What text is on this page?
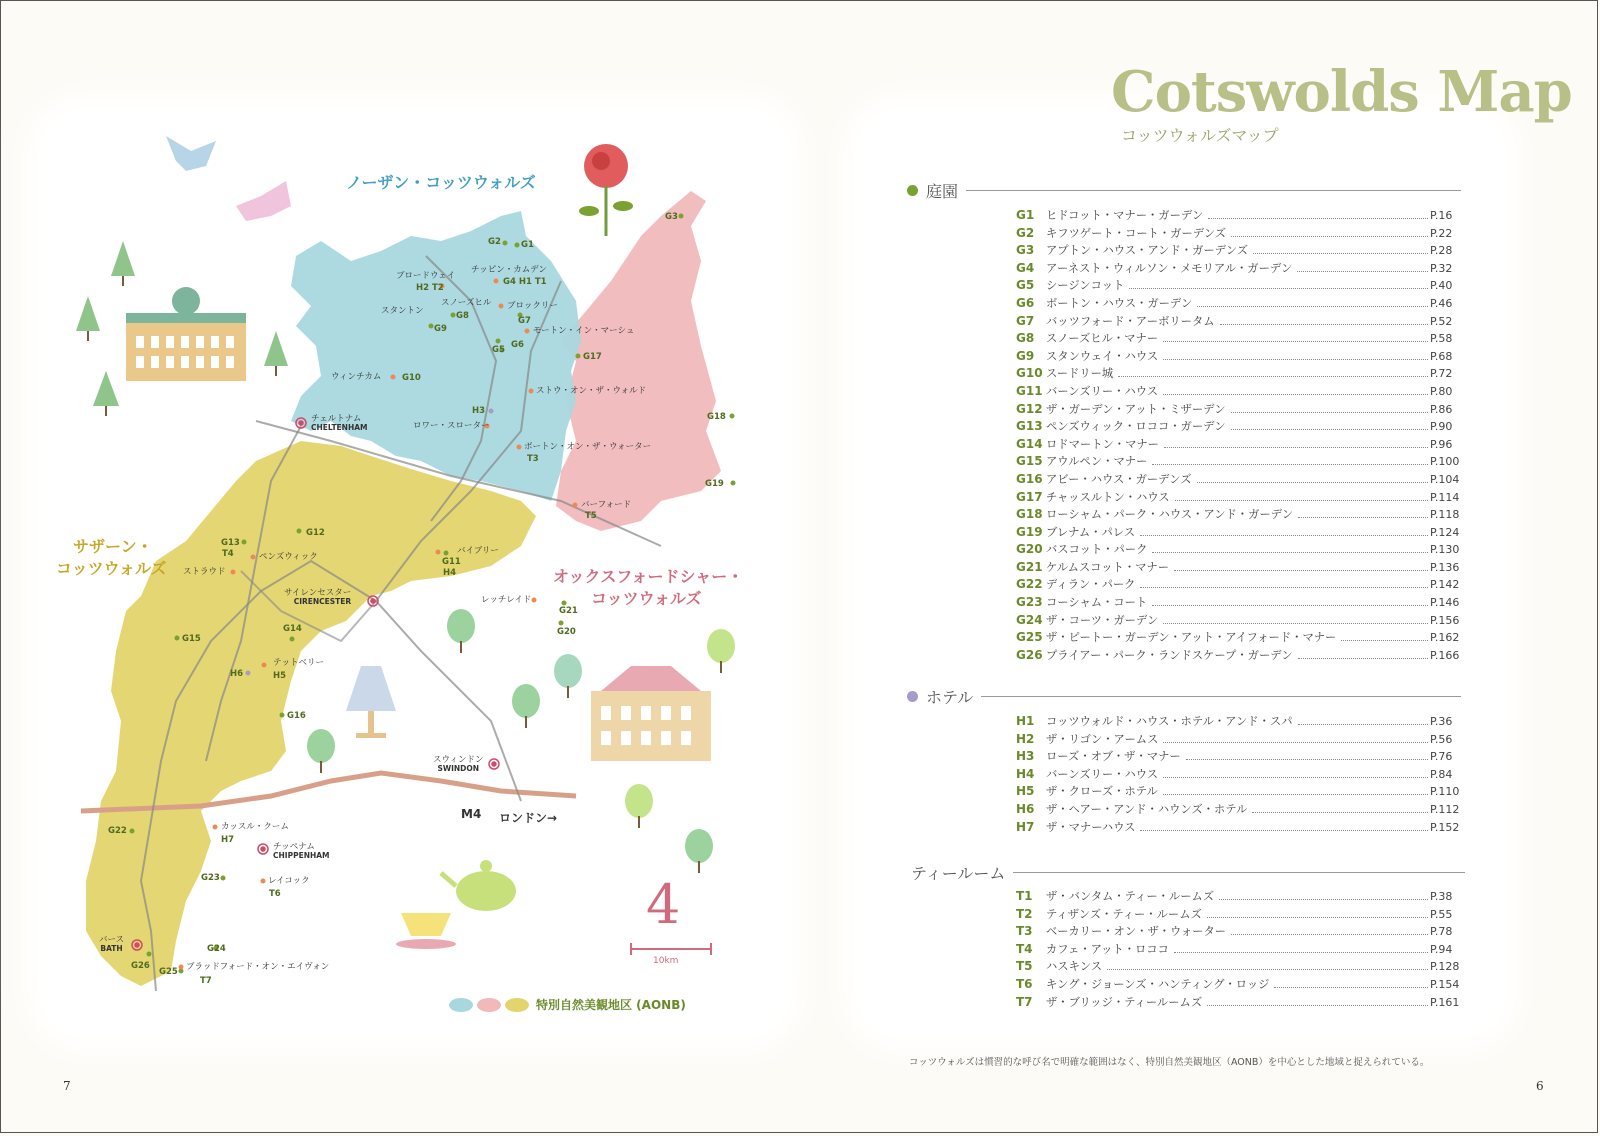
ノーザン・コッツウォルズ
サザーン・
コッツウォルズ	オックスフォードシャー・
コッツウォルズ
チェルトナム
CHELTENHAM
サイレンセスター
CIRENCESTER
スウィンドン
SWINDON
チッペナム
CHIPPENHAM
バース
BATH
ブロードウェイ
チッピン・カムデン
スノーズヒル ブロックリー
スタントン
モートン・イン・マーシュ
ウィンチカム
ストウ・オン・ザ・ウォルド
ロワー・スローター
ボートン・オン・ザ・ウォーター
バーフォード
ペンズウィック
ストラウド
バイブリー
レッチレイド
テットベリー
カッスル・クーム
レイコック
ブラッドフォード・オン・エイヴォン
G1
G2
G3
G4 H1 T1
H2 T2
G5 G6
G7
G8
G9
G10
H3
T3
G17
G18
G19
T5
G12
G13
T4
G11
H4
G21
G20
G14
G15
H5
H6
G16
G22
H7
G23
T6
G24
G26
G25
T7
M4 ロンドン→
4
10km
特別自然美観地区 (AONB)
Cotswolds Map
コッツウォルズマップ
庭園
G1	ヒドコット・マナー・ガーデン	P.16
G2	キフツゲート・コート・ガーデンズ	P.22
G3	アプトン・ハウス・アンド・ガーデンズ	P.28
G4	アーネスト・ウィルソン・メモリアル・ガーデン	P.32
G5	シージンコット	P.40
G6	ボートン・ハウス・ガーデン	P.46
G7	バッツフォード・アーボリータム	P.52
G8	スノーズヒル・マナー	P.58
G9	スタンウェイ・ハウス	P.68
G10 スードリー城	P.72
G11 バーンズリー・ハウス	P.80
G12 ザ・ガーデン・アット・ミザーデン	P.86
G13 ペンズウィック・ロココ・ガーデン	P.90
G14 ロドマートン・マナー	P.96
G15 アウルペン・マナー	P.100
G16 アビー・ハウス・ガーデンズ	P.104
G17 チャッスルトン・ハウス	P.114
G18 ローシャム・パーク・ハウス・アンド・ガーデン	P.118
G19 ブレナム・パレス	P.124
G20 バスコット・パーク	P.130
G21 ケルムスコット・マナー	P.136
G22 ディラン・パーク	P.142
G23 コーシャム・コート	P.146
G24 ザ・コーツ・ガーデン	P.156
G25 ザ・ピートー・ガーデン・アット・アイフォード・マナー	P.162
G26 プライアー・パーク・ランドスケープ・ガーデン	P.166
ホテル
H1	コッツウォルド・ハウス・ホテル・アンド・スパ	P.36
H2	ザ・リゴン・アームス	P.56
H3	ローズ・オブ・ザ・マナー	P.76
H4	バーンズリー・ハウス	P.84
H5	ザ・クローズ・ホテル	P.110
H6	ザ・ヘアー・アンド・ハウンズ・ホテル	P.112
H7	ザ・マナーハウス	P.152
ティールーム
T1	ザ・バンタム・ティー・ルームズ	P.38
T2	ティザンズ・ティー・ルームズ	P.55
T3	ベーカリー・オン・ザ・ウォーター	P.78
T4	カフェ・アット・ロココ	P.94
T5	ハスキンス	P.128
T6	キング・ジョーンズ・ハンティング・ロッジ	P.154
T7	ザ・ブリッジ・ティールームズ	P.161
コッツウォルズは慣習的な呼び名で明確な範囲はなく、特別自然美観地区（AONB）を中心とした地域と捉えられている。
7	6
